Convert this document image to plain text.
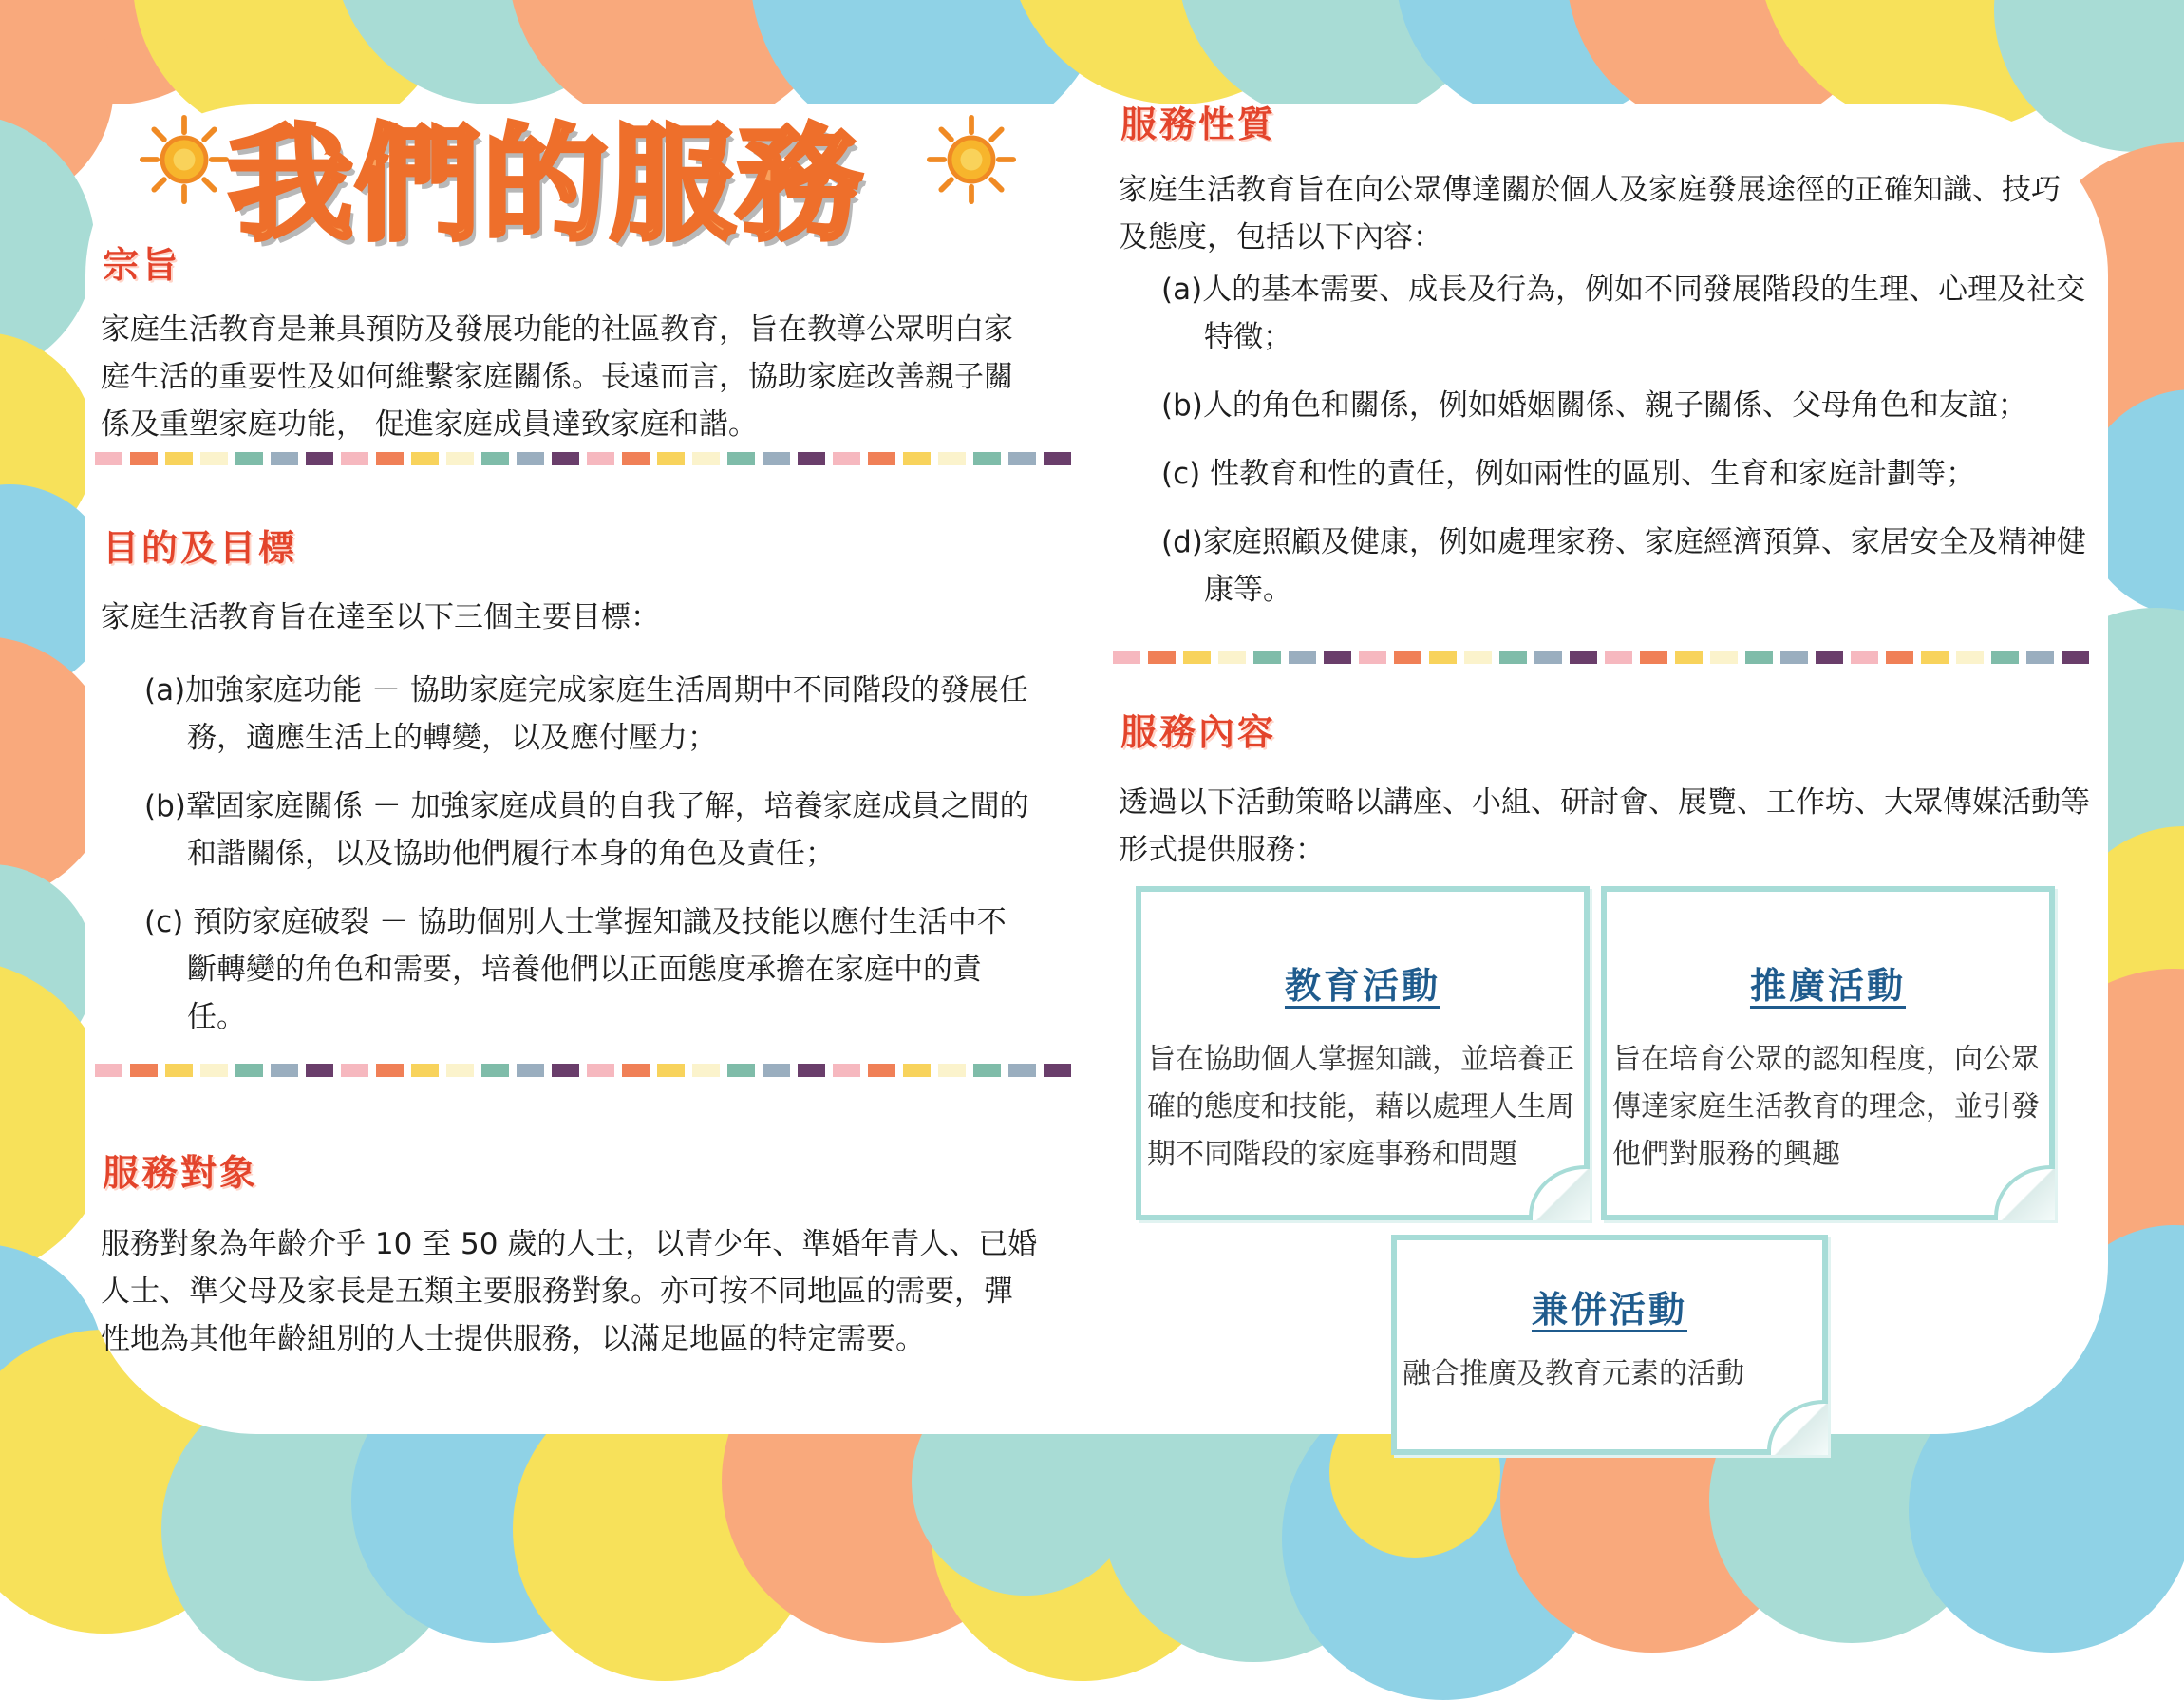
我們的服務
宗旨

家庭生活教育是兼具預防及發展功能的社區教育，旨在教導公眾明白家庭生活的重要性及如何維繫家庭關係。長遠而言，協助家庭改善親子關係及重塑家庭功能， 促進家庭成員達致家庭和諧。

目的及目標

家庭生活教育旨在達至以下三個主要目標：

(a)加強家庭功能 － 協助家庭完成家庭生活周期中不同階段的發展任務，適應生活上的轉變，以及應付壓力；

(b)鞏固家庭關係 － 加強家庭成員的自我了解，培養家庭成員之間的和諧關係，以及協助他們履行本身的角色及責任；

(c) 預防家庭破裂 － 協助個別人士掌握知識及技能以應付生活中不斷轉變的角色和需要，培養他們以正面態度承擔在家庭中的責任。

服務對象

服務對象為年齡介乎 10 至 50 歲的人士，以青少年、準婚年青人、已婚人士、準父母及家長是五類主要服務對象。亦可按不同地區的需要，彈性地為其他年齡組別的人士提供服務，以滿足地區的特定需要。

服務性質

家庭生活教育旨在向公眾傳達關於個人及家庭發展途徑的正確知識、技巧及態度，包括以下內容：

(a)人的基本需要、成長及行為，例如不同發展階段的生理、心理及社交特徵；

(b)人的角色和關係，例如婚姻關係、親子關係、父母角色和友誼；

(c) 性教育和性的責任，例如兩性的區別、生育和家庭計劃等；

(d)家庭照顧及健康，例如處理家務、家庭經濟預算、家居安全及精神健康等。

服務內容

透過以下活動策略以講座、小組、研討會、展覽、工作坊、大眾傳媒活動等形式提供服務：

教育活動

旨在協助個人掌握知識，並培養正確的態度和技能，藉以處理人生周期不同階段的家庭事務和問題

推廣活動

旨在培育公眾的認知程度，向公眾傳達家庭生活教育的理念，並引發他們對服務的興趣

兼併活動

融合推廣及教育元素的活動
